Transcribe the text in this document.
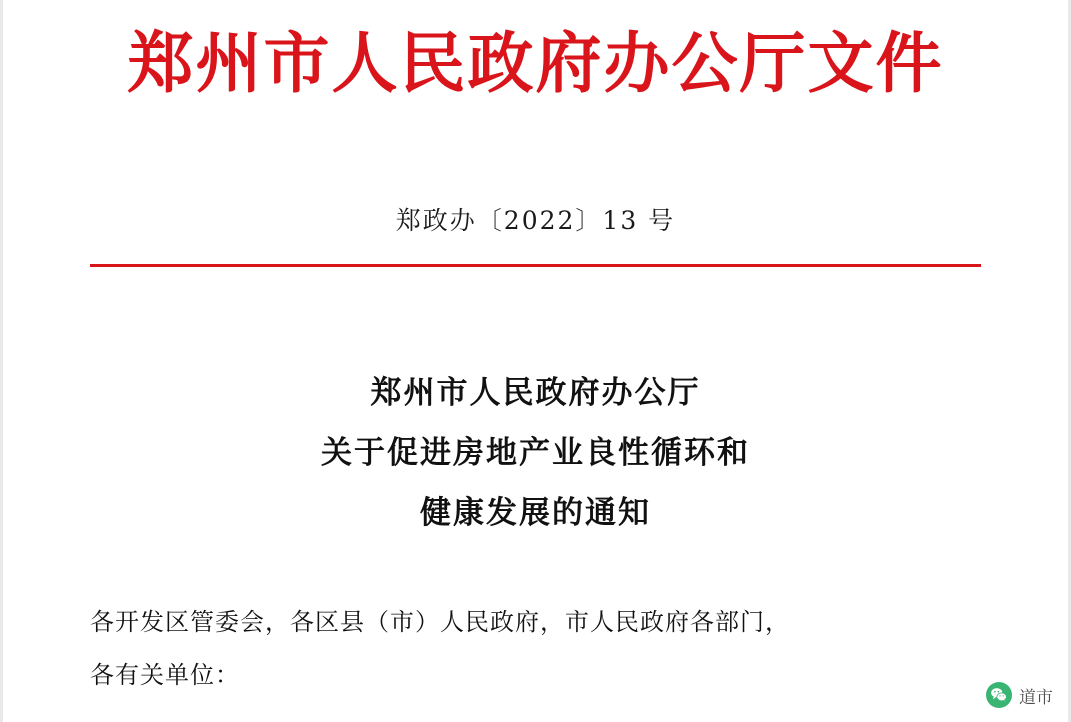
郑州市人民政府办公厅文件
郑政办〔2022〕13 号
郑州市人民政府办公厅
关于促进房地产业良性循环和
健康发展的通知
各开发区管委会，各区县（市）人民政府，市人民政府各部门，
各有关单位：
道市
